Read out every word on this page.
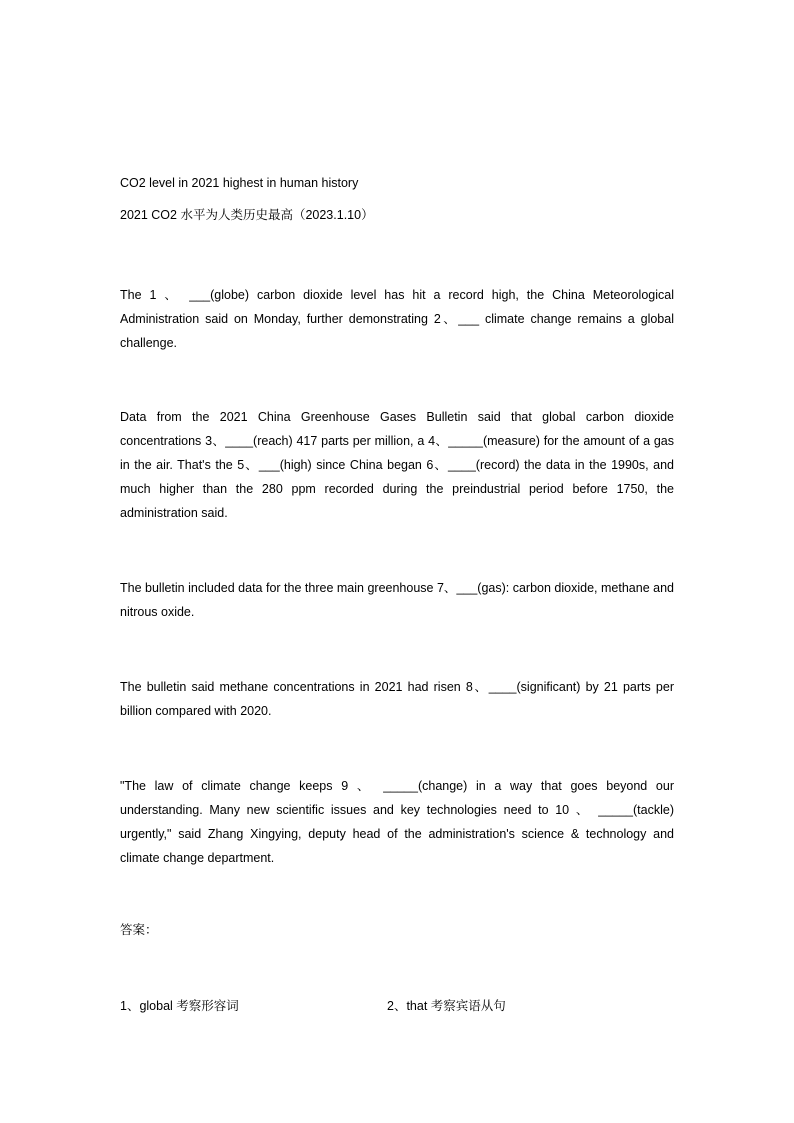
CO2 level in 2021 highest in human history

2021 CO2 水平为人类历史最高（2023.1.10）

The 1 、 ___(globe) carbon dioxide level has hit a record high, the China Meteorological Administration said on Monday, further demonstrating 2、___ climate change remains a global challenge.

Data from the 2021 China Greenhouse Gases Bulletin said that global carbon dioxide concentrations 3、____(reach) 417 parts per million, a 4、_____(measure) for the amount of a gas in the air. That's the 5、___(high) since China began 6、____(record) the data in the 1990s, and much higher than the 280 ppm recorded during the preindustrial period before 1750, the administration said.

The bulletin included data for the three main greenhouse 7、___(gas): carbon dioxide, methane and nitrous oxide.

The bulletin said methane concentrations in 2021 had risen 8、____(significant) by 21 parts per billion compared with 2020.

"The law of climate change keeps 9 、 _____(change) in a way that goes beyond our understanding. Many new scientific issues and key technologies need to 10 、 _____(tackle) urgently," said Zhang Xingying, deputy head of the administration's science & technology and climate change department.

答案：

1、global 考察形容词	2、that 考察宾语从句
